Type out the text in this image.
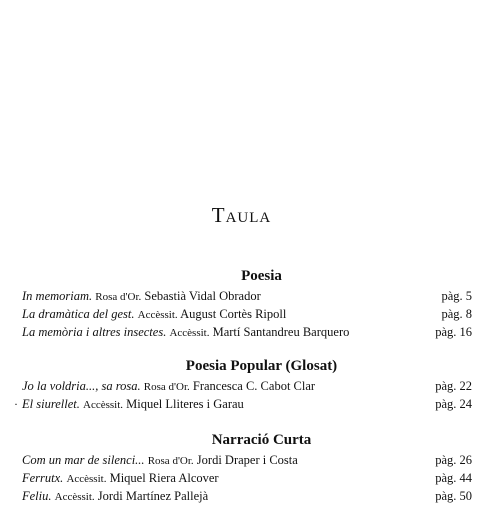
Taula
Poesia
In memoriam. Rosa d'Or. Sebastià Vidal Obrador	pàg. 5
La dramàtica del gest. Accèssit. August Cortès Ripoll	pàg. 8
La memòria i altres insectes. Accèssit. Martí Santandreu Barquero	pàg. 16
Poesia Popular (Glosat)
Jo la voldria..., sa rosa. Rosa d'Or. Francesca C. Cabot Clar	pàg. 22
· El siurellet. Accèssit. Miquel Lliteres i Garau	pàg. 24
Narració Curta
Com un mar de silenci... Rosa d'Or. Jordi Draper i Costa	pàg. 26
Ferrutx. Accèssit. Miquel Riera Alcover	pàg. 44
Feliu. Accèssit. Jordi Martínez Pallejà	pàg. 50
